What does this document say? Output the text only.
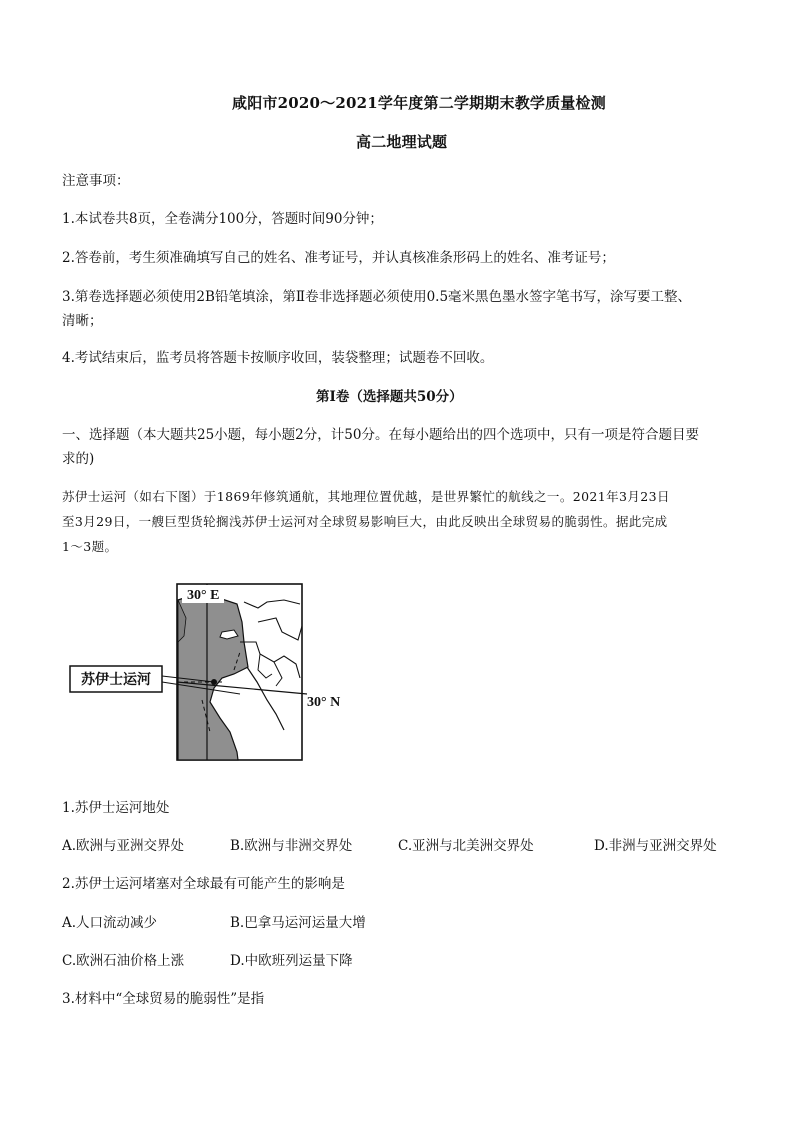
咸阳市2020～2021学年度第二学期期末教学质量检测
高二地理试题
注意事项：
1.本试卷共8页，全卷满分100分，答题时间90分钟；
2.答卷前，考生须准确填写自己的姓名、准考证号，并认真核准条形码上的姓名、准考证号；
3.第卷选择题必须使用2B铅笔填涂，第Ⅱ卷非选择题必须使用0.5毫米黑色墨水签字笔书写，涂写要工整、
清晰；
4.考试结束后，监考员将答题卡按顺序收回，装袋整理；试题卷不回收。
第Ⅰ卷（选择题共50分）
一、选择题（本大题共25小题，每小题2分，计50分。在每小题给出的四个选项中，只有一项是符合题目要
求的)
苏伊士运河（如右下图）于1869年修筑通航，其地理位置优越，是世界繁忙的航线之一。2021年3月23日
至3月29日，一艘巨型货轮搁浅苏伊士运河对全球贸易影响巨大，由此反映出全球贸易的脆弱性。据此完成
1～3题。
苏伊士运河
30° E
30° N
1.苏伊士运河地处
A.欧洲与亚洲交界处	B.欧洲与非洲交界处	C.亚洲与北美洲交界处	D.非洲与亚洲交界处
2.苏伊士运河堵塞对全球最有可能产生的影响是
A.人口流动减少	B.巴拿马运河运量大增
C.欧洲石油价格上涨	D.中欧班列运量下降
3.材料中“全球贸易的脆弱性”是指
